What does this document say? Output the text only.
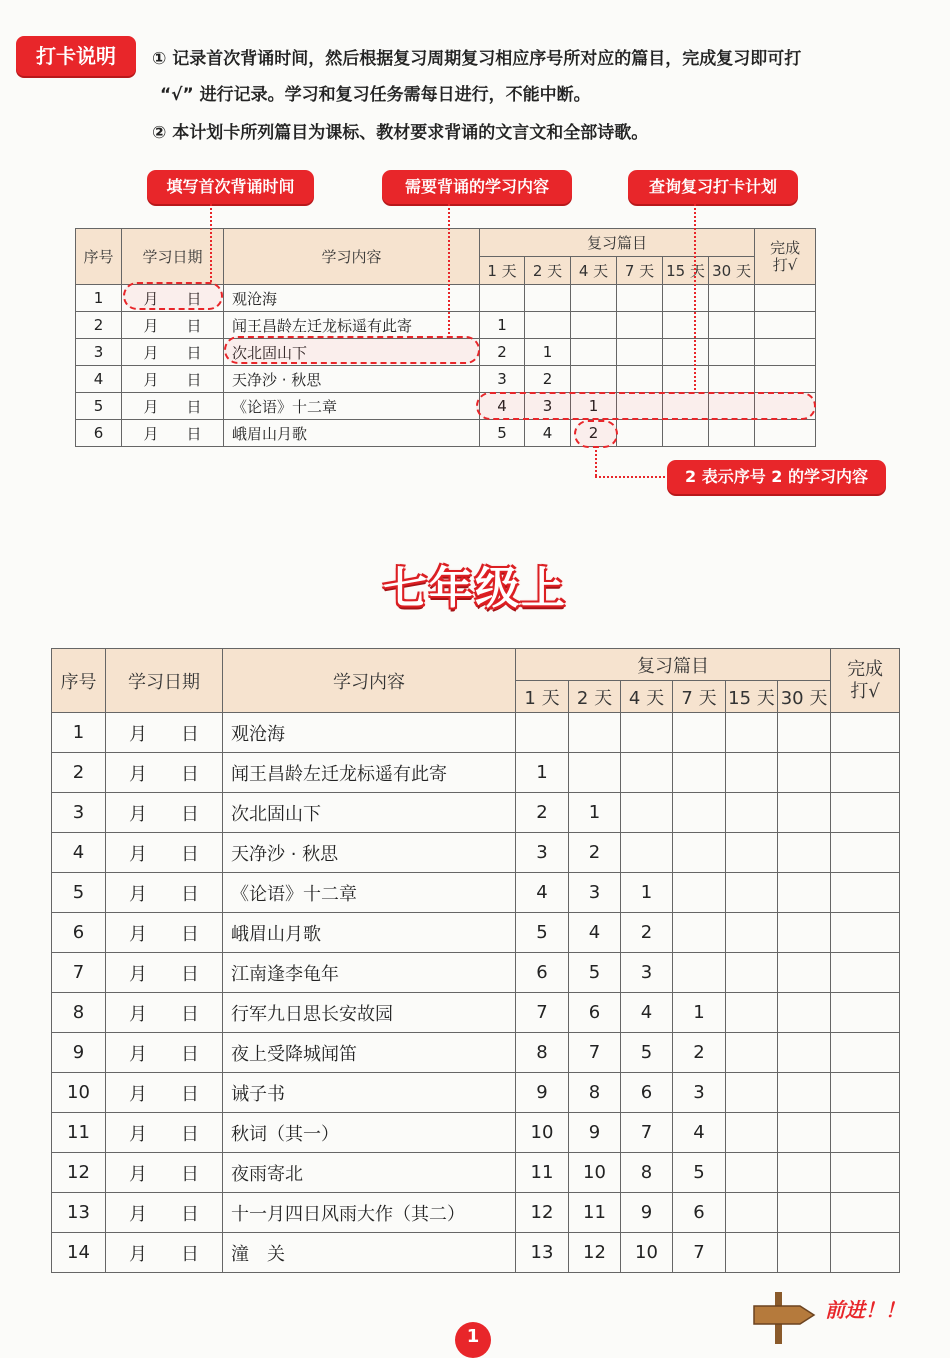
打卡说明	① 记录首次背诵时间，然后根据复习周期复习相应序号所对应的篇目，完成复习即可打
“√” 进行记录。学习和复习任务需每日进行，不能中断。
② 本计划卡所列篇目为课标、教材要求背诵的文言文和全部诗歌。
填写首次背诵时间	需要背诵的学习内容	查询复习打卡计划
序号	学习日期	学习内容	复习篇目						完成打√
			1 天	2 天	4 天	7 天	15 天	30 天	
1	月 日	观沧海							
2	月 日	闻王昌龄左迁龙标遥有此寄	1						
3	月 日	次北固山下	2	1					
4	月 日	天净沙 · 秋思	3	2					
5	月 日	《论语》十二章	4	3	1				
6	月 日	峨眉山月歌	5	4	2				
2 表示序号 2 的学习内容
七年级上
序号	学习日期	学习内容	复习篇目						完成打√
			1 天	2 天	4 天	7 天	15 天	30 天	
1	月 日	观沧海							
2	月 日	闻王昌龄左迁龙标遥有此寄	1						
3	月 日	次北固山下	2	1					
4	月 日	天净沙 · 秋思	3	2					
5	月 日	《论语》十二章	4	3	1				
6	月 日	峨眉山月歌	5	4	2				
7	月 日	江南逢李龟年	6	5	3				
8	月 日	行军九日思长安故园	7	6	4	1			
9	月 日	夜上受降城闻笛	8	7	5	2			
10	月 日	诫子书	9	8	6	3			
11	月 日	秋词（其一）	10	9	7	4			
12	月 日	夜雨寄北	11	10	8	5			
13	月 日	十一月四日风雨大作（其二）	12	11	9	6			
14	月 日	潼　关	13	12	10	7			
前进！！
1
